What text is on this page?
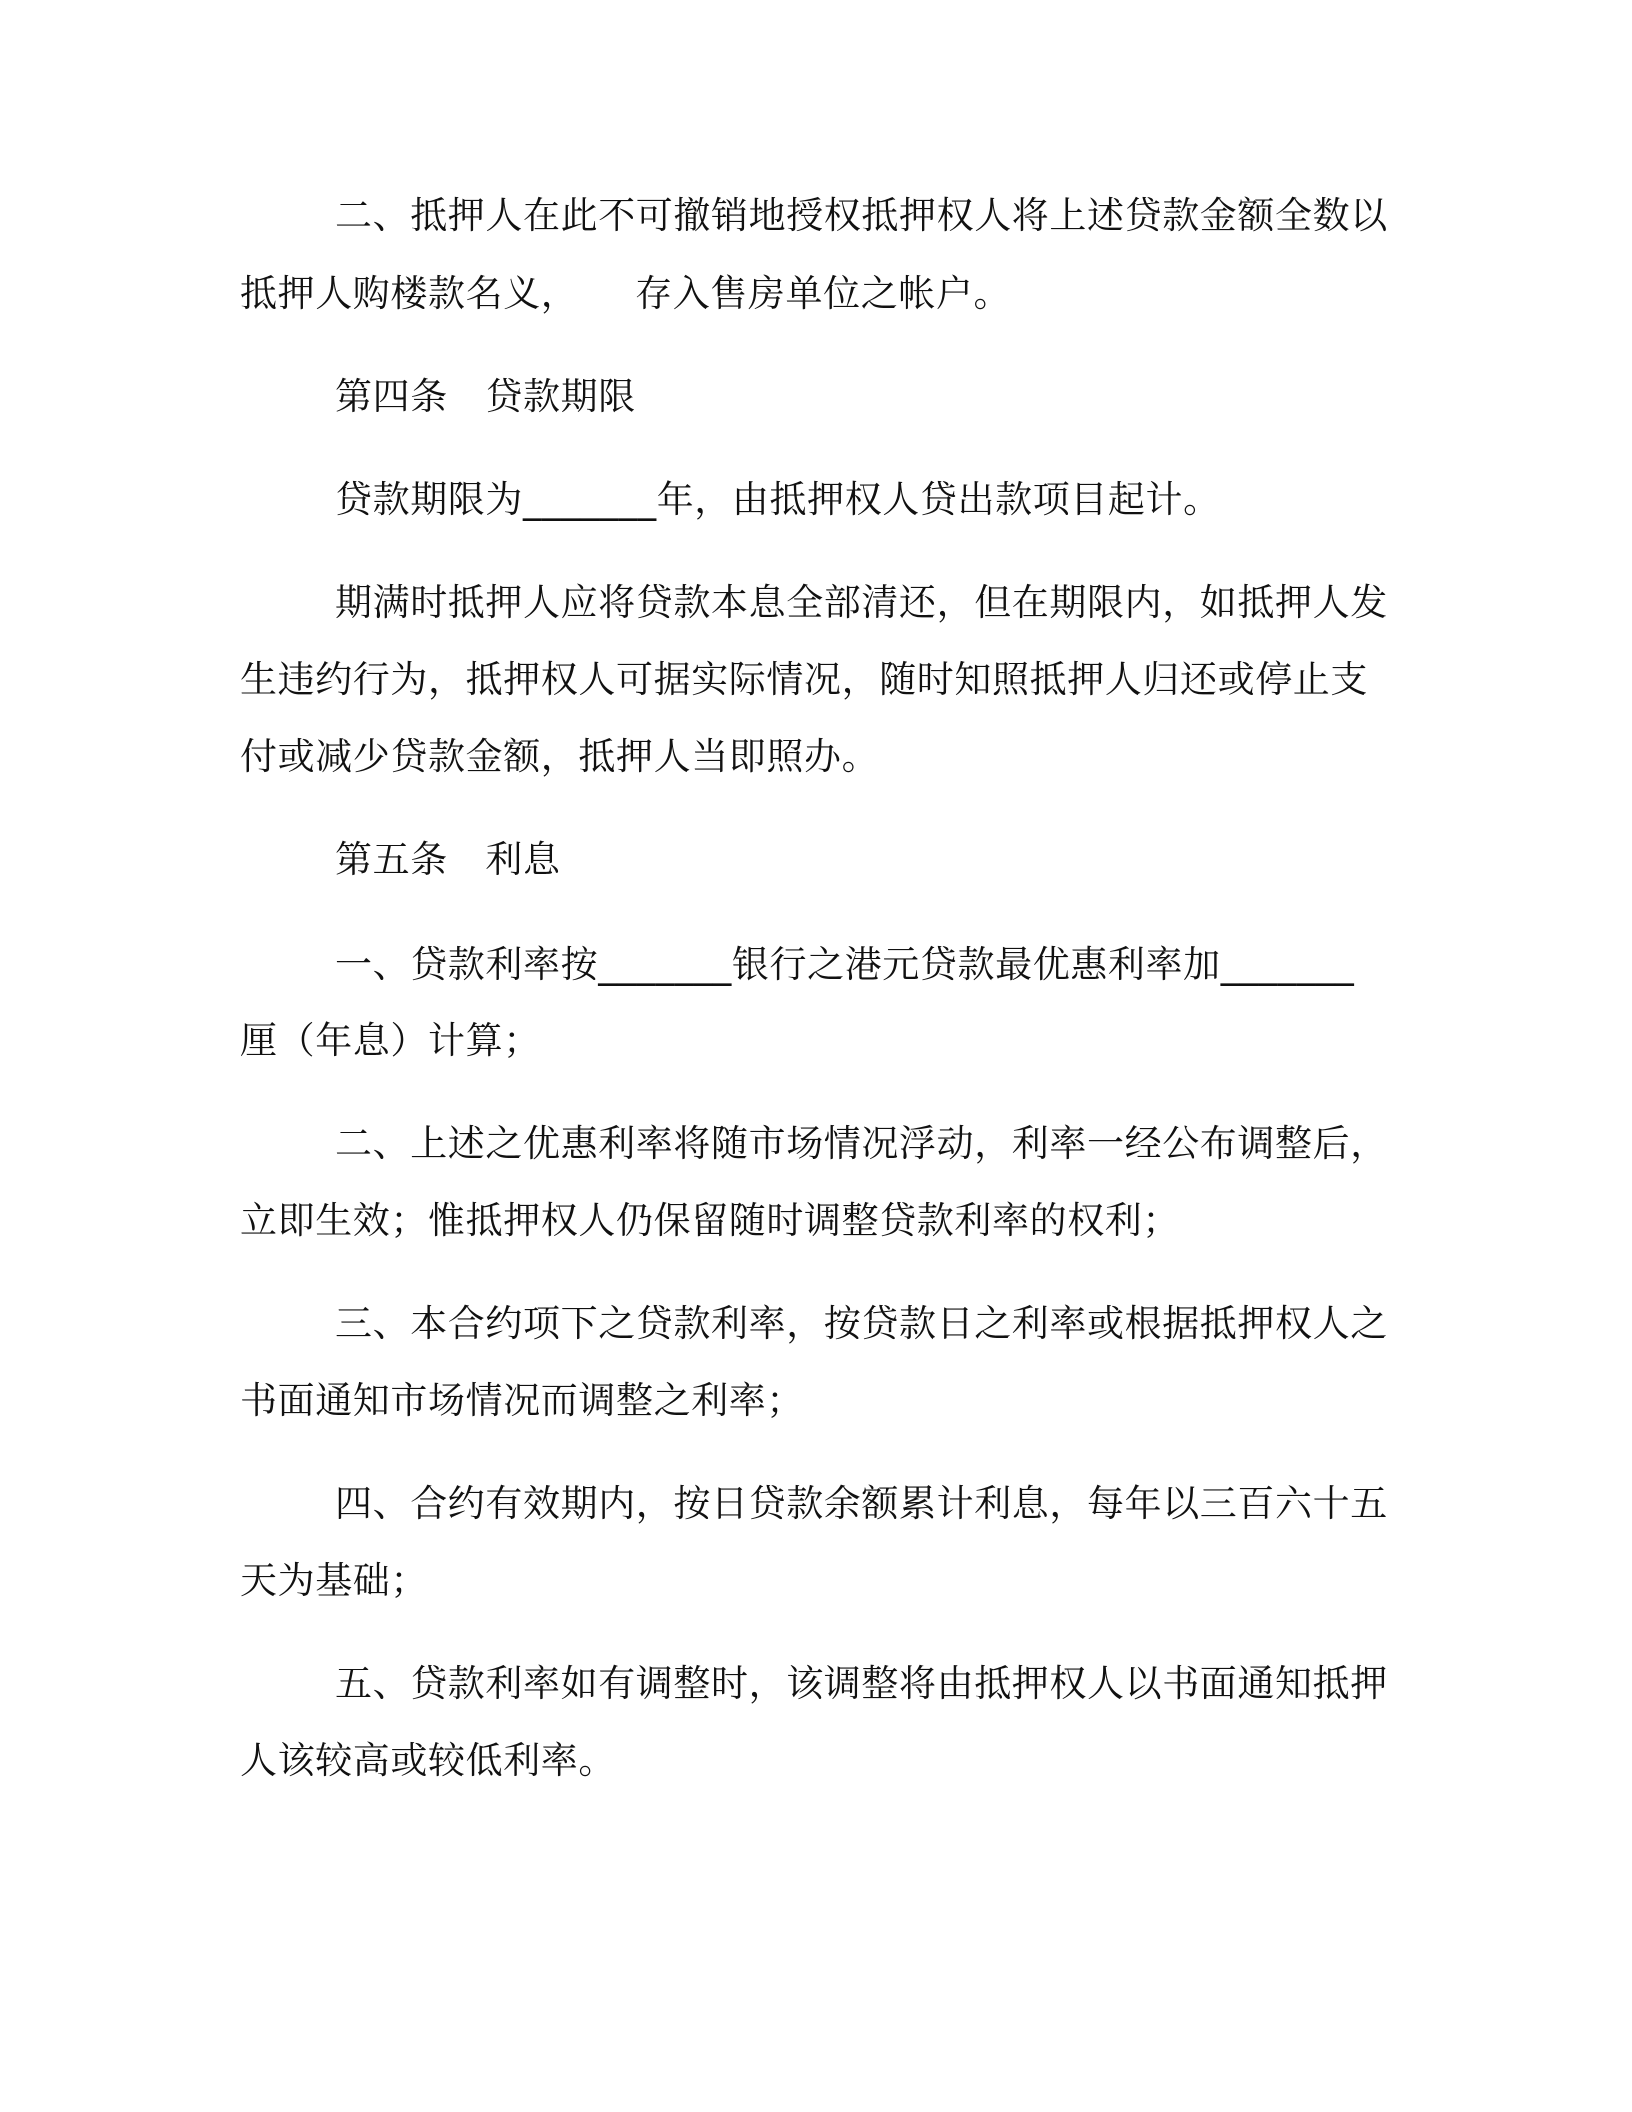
二、抵押人在此不可撤销地授权抵押权人将上述贷款金额全数以

抵押人购楼款名义，　　存入售房单位之帐户。

第四条　贷款期限

贷款期限为_______年，由抵押权人贷出款项目起计。

期满时抵押人应将贷款本息全部清还，但在期限内，如抵押人发

生违约行为，抵押权人可据实际情况，随时知照抵押人归还或停止支

付或减少贷款金额，抵押人当即照办。

第五条　利息

一、贷款利率按_______银行之港元贷款最优惠利率加_______

厘（年息）计算；

二、上述之优惠利率将随市场情况浮动，利率一经公布调整后，

立即生效；惟抵押权人仍保留随时调整贷款利率的权利；

三、本合约项下之贷款利率，按贷款日之利率或根据抵押权人之

书面通知市场情况而调整之利率；

四、合约有效期内，按日贷款余额累计利息，每年以三百六十五

天为基础；

五、贷款利率如有调整时，该调整将由抵押权人以书面通知抵押

人该较高或较低利率。
